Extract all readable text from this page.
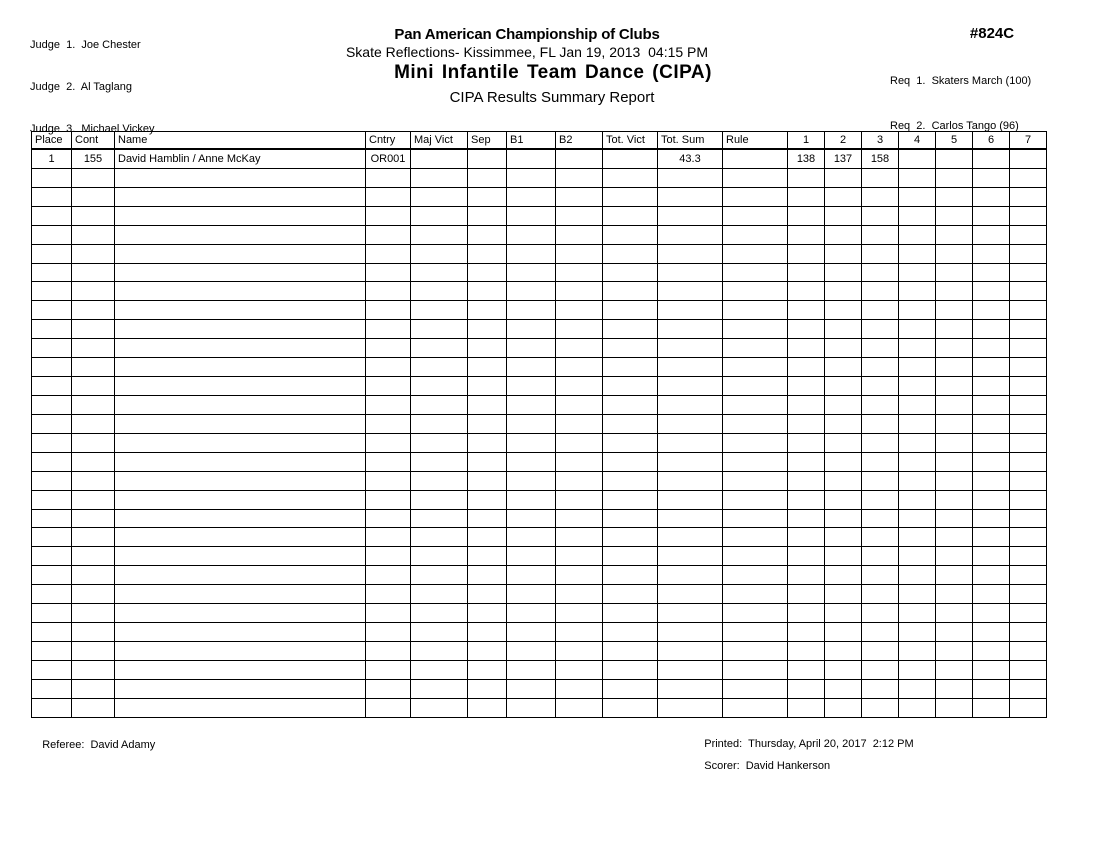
Judge  1.  Joe Chester

Judge  2.  Al Taglang

Judge  3.  Michael Vickey

Pan American Championship of Clubs
Skate Reflections- Kissimmee, FL Jan 19, 2013  04:15 PM
Mini Infantile Team Dance (CIPA)
CIPA Results Summary Report
#824C

Req  1.  Skaters March (100)

Req  2.  Carlos Tango (96)

Place	Cont	Name	Cntry	Maj Vict	Sep	B1	B2	Tot. Vict	Tot. Sum	Rule	1	2	3	4	5	6	7
1	155	David Hamblin / Anne McKay	OR001						43.3		138	137	158				

Referee: David Adamy
	Printed: Thursday, April 20, 2017  2:12 PM

Scorer: David Hankerson
